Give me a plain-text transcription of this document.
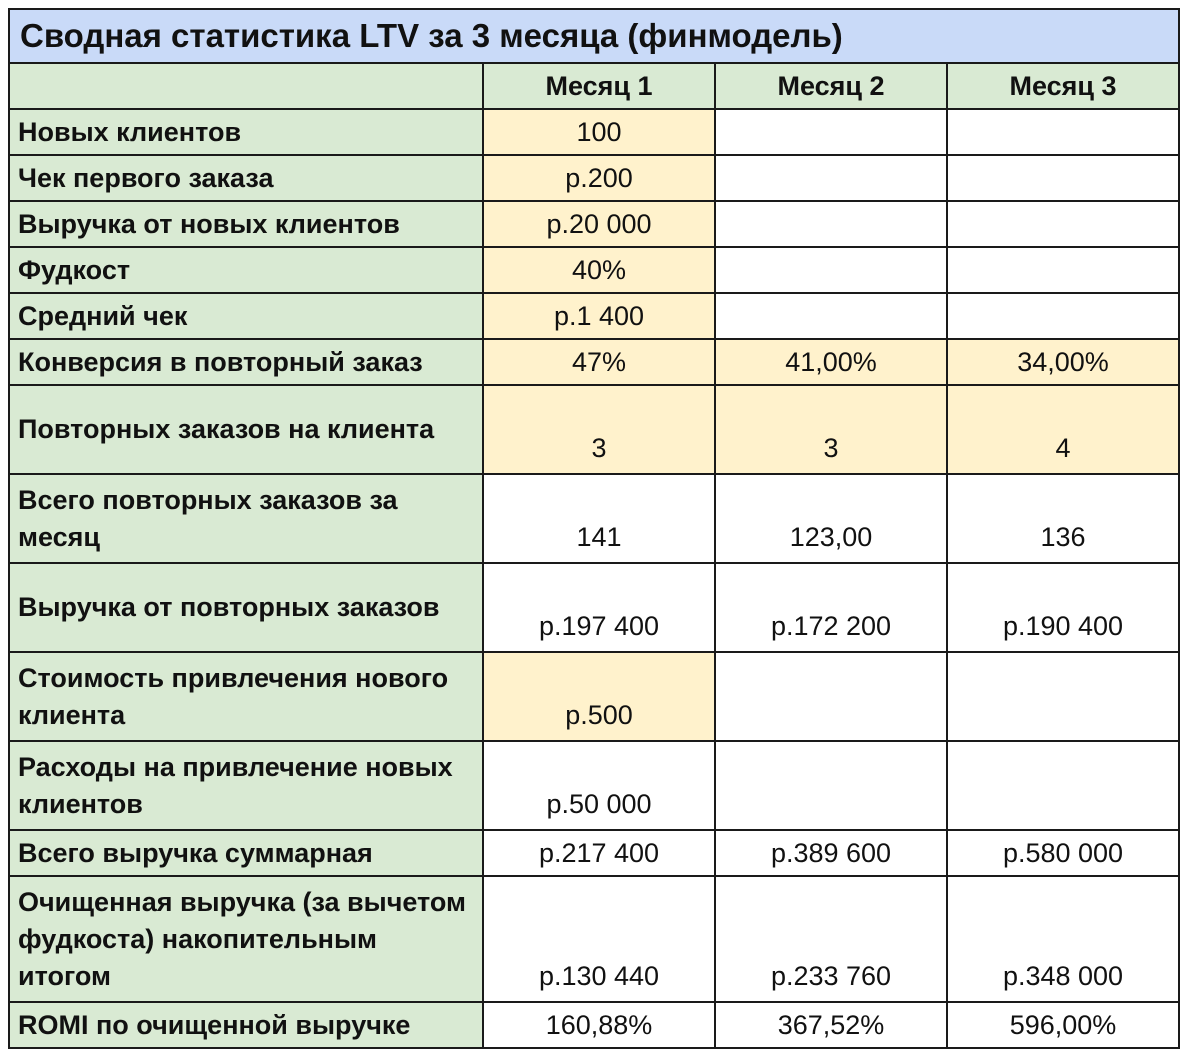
Сводная статистика LTV за 3 месяца (финмодель)			
	Месяц 1	Месяц 2	Месяц 3
Новых клиентов	100		
Чек первого заказа	р.200		
Выручка от новых клиентов	р.20 000		
Фудкост	40%		
Средний чек	р.1 400		
Конверсия в повторный заказ	47%	41,00%	34,00%
Повторных заказов на клиента	3	3	4
Всего повторных заказов за месяц	141	123,00	136
Выручка от повторных заказов	р.197 400	р.172 200	р.190 400
Стоимость привлечения нового клиента	р.500		
Расходы на привлечение новых клиентов	р.50 000		
Всего выручка суммарная	р.217 400	р.389 600	р.580 000
Очищенная выручка (за вычетом фудкоста) накопительным итогом	р.130 440	р.233 760	р.348 000
ROMI по очищенной выручке	160,88%	367,52%	596,00%
